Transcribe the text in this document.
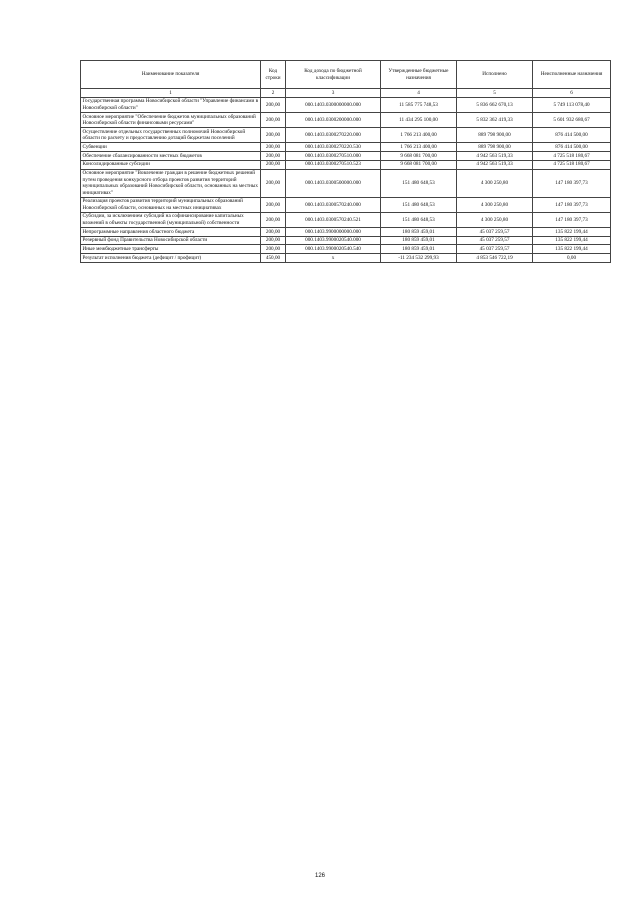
Наименование показателя	Код строки	Код дохода по бюджетной классификации	Утвержденные бюджетные назначения	Исполнено	Неисполненные назначения
1	2	3	4	5	6
Государственная программа Новосибирской области "Управление финансами в Новосибирской области"	200,00	000.1403.0300000000.000	11 585 775 748,53	5 836 662 670,13	5 749 113 078,40
Основное мероприятие "Обеспечение бюджетов муниципальных образований Новосибирской области финансовыми ресурсами"	200,00	000.1403.0300200000.000	11 434 295 100,00	5 832 362 419,33	5 601 932 680,67
Осуществление отдельных государственных полномочий Новосибирской области по расчету и предоставлению дотаций бюджетам поселений	200,00	000.1403.0300270220.000	1 766 213 400,00	889 798 900,00	876 414 500,00
Субвенции	200,00	000.1403.0300270220.530	1 766 213 400,00	889 798 900,00	876 414 500,00
Обеспечение сбалансированности местных бюджетов	200,00	000.1403.0300270510.000	9 668 081 700,00	4 942 563 519,33	4 725 518 180,67
Консолидированные субсидии	200,00	000.1403.0300270510.523	9 668 081 700,00	4 942 563 519,33	4 725 518 180,67
Основное мероприятие "Вовлечение граждан в решение бюджетных решений путем проведения конкурсного отбора проектов развития территорий муниципальных образований Новосибирской области, основанных на местных инициативах"	200,00	000.1403.0300500000.000	151 480 648,53	4 300 250,80	147 180 397,73
Реализация проектов развития территорий муниципальных образований Новосибирской области, основанных на местных инициативах	200,00	000.1403.0300570240.000	151 480 648,53	4 300 250,80	147 180 397,73
Субсидии, за исключением субсидий на софинансирование капитальных вложений в объекты государственной (муниципальной) собственности	200,00	000.1403.0300570240.521	151 480 648,53	4 300 250,80	147 180 397,73
Непрограммные направления областного бюджета	200,00	000.1403.9900000000.000	180 859 459,01	45 037 259,57	135 822 199,44
Резервный фонд Правительства Новосибирской области	200,00	000.1403.9900020540.000	180 859 459,01	45 037 259,57	135 822 199,44
Иные межбюджетные трансферты	200,00	000.1403.9900020540.540	180 859 459,01	45 037 259,57	135 822 199,44
Результат исполнения бюджета (дефицит / профицит)	450,00	x	-11 234 532 299,93	4 853 546 722,19	0,00
126
